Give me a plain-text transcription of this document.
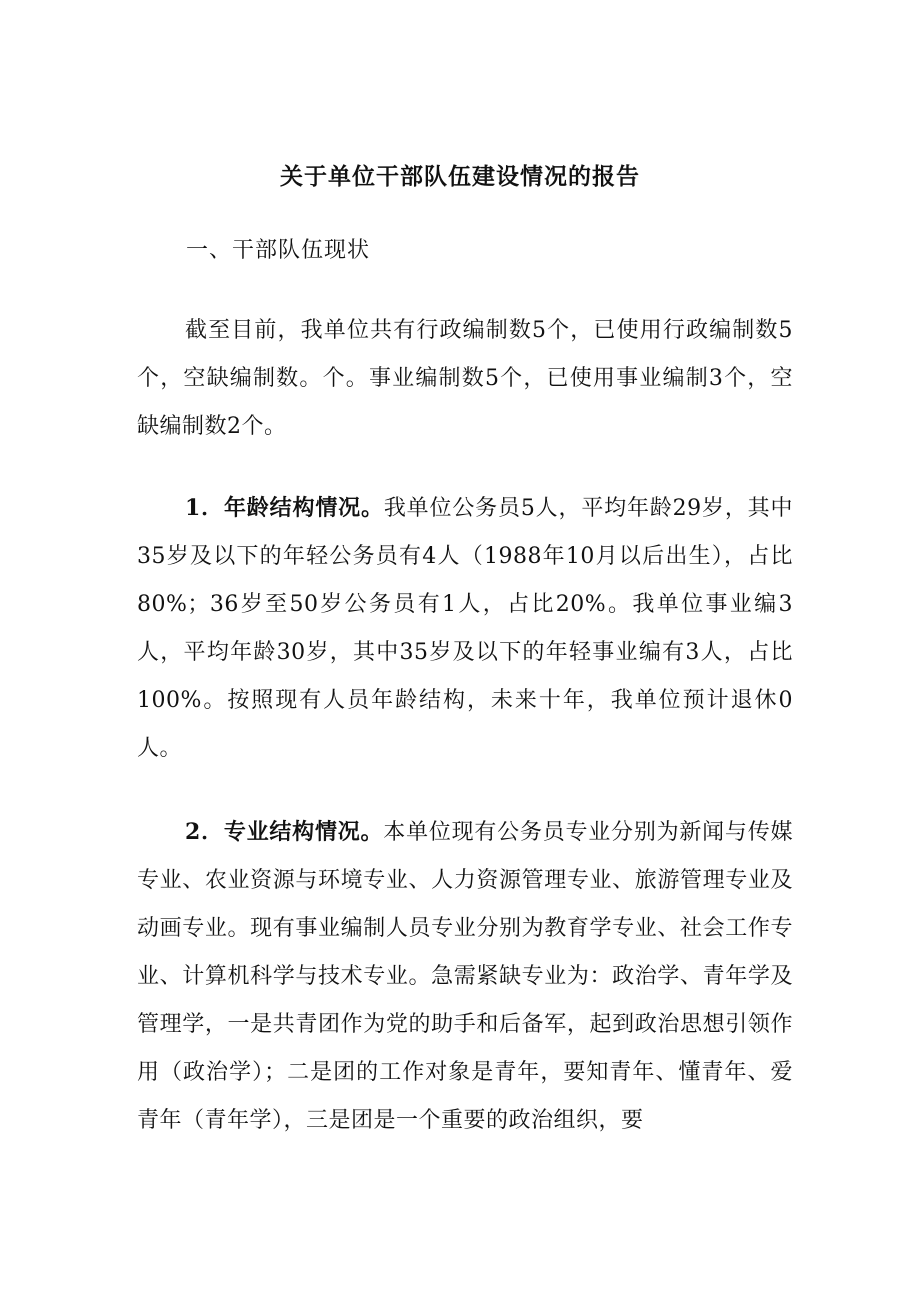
关于单位干部队伍建设情况的报告
一、干部队伍现状

截至目前，我单位共有行政编制数5个，已使用行政编制数5个，空缺编制数。个。事业编制数5个，已使用事业编制3个，空缺编制数2个。

1．年龄结构情况。我单位公务员5人，平均年龄29岁，其中35岁及以下的年轻公务员有4人（1988年10月以后出生），占比80%；36岁至50岁公务员有1人，占比20%。我单位事业编3人，平均年龄30岁，其中35岁及以下的年轻事业编有3人，占比100%。按照现有人员年龄结构，未来十年，我单位预计退休0人。

2．专业结构情况。本单位现有公务员专业分别为新闻与传媒专业、农业资源与环境专业、人力资源管理专业、旅游管理专业及动画专业。现有事业编制人员专业分别为教育学专业、社会工作专业、计算机科学与技术专业。急需紧缺专业为：政治学、青年学及管理学，一是共青团作为党的助手和后备军，起到政治思想引领作用（政治学）；二是团的工作对象是青年，要知青年、懂青年、爱青年（青年学），三是团是一个重要的政治组织，要
